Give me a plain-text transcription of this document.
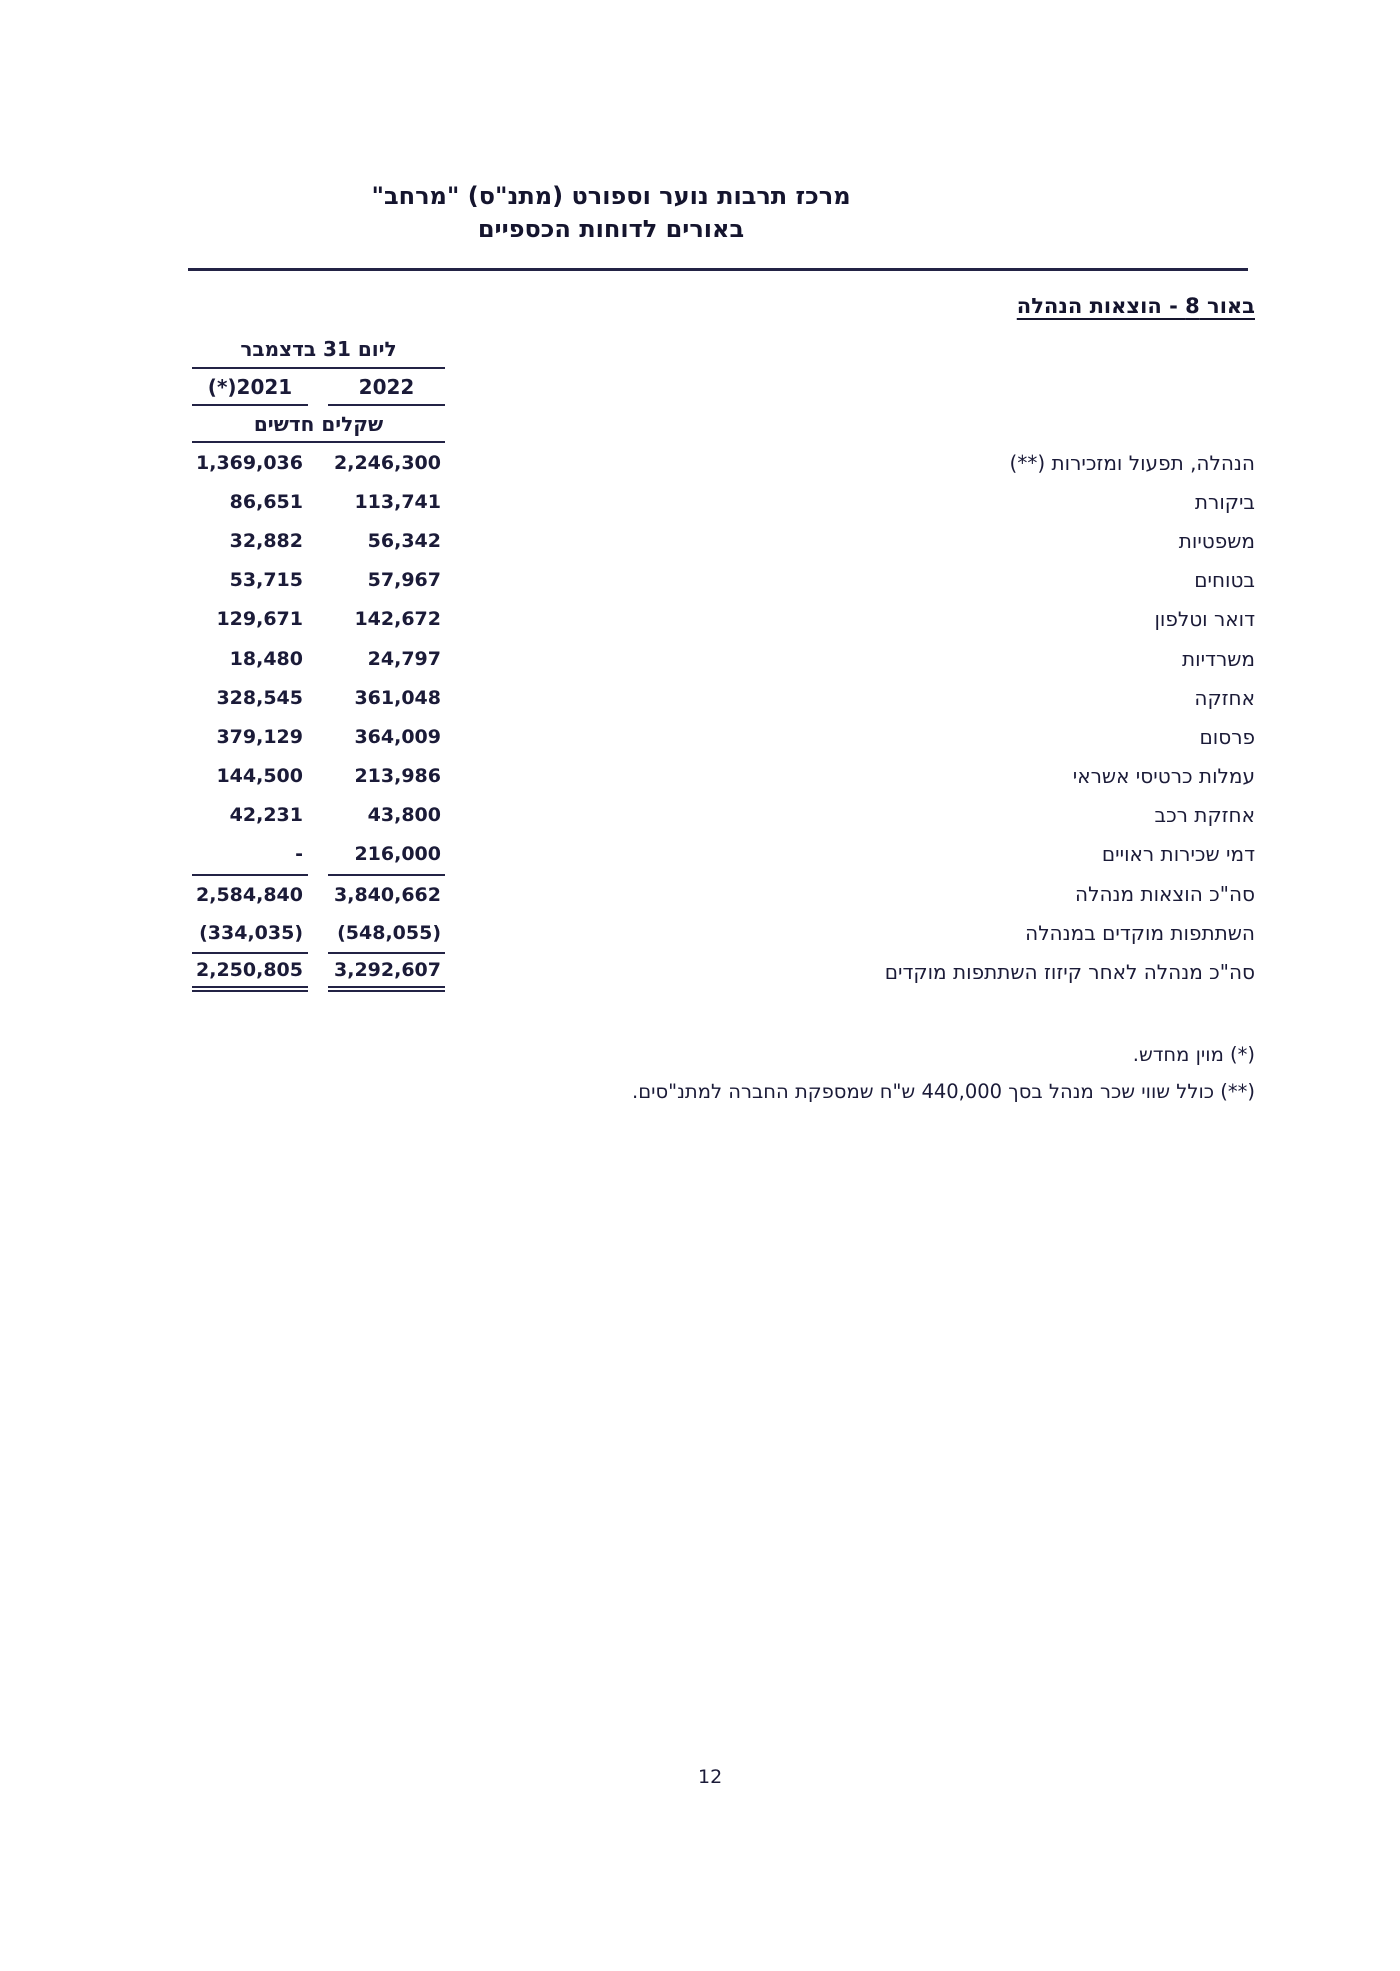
מרכז תרבות נוער וספורט (מתנ"ס) "מרחב"
באורים לדוחות הכספיים
באור 8 - הוצאות הנהלה
ליום 31 בדצמבר
2022
(*)2021
שקלים חדשים
הנהלה, תפעול ומזכירות (**)
2,246,300
1,369,036
ביקורת
113,741
86,651
משפטיות
56,342
32,882
בטוחים
57,967
53,715
דואר וטלפון
142,672
129,671
משרדיות
24,797
18,480
אחזקה
361,048
328,545
פרסום
364,009
379,129
עמלות כרטיסי אשראי
213,986
144,500
אחזקת רכב
43,800
42,231
דמי שכירות ראויים
216,000
-
סה"כ הוצאות מנהלה
3,840,662
2,584,840
השתתפות מוקדים במנהלה
(548,055)
(334,035)
סה"כ מנהלה לאחר קיזוז השתתפות מוקדים
3,292,607
2,250,805
(*) מוין מחדש.
(**) כולל שווי שכר מנהל בסך 440,000 ש"ח שמספקת החברה למתנ"סים.
12
